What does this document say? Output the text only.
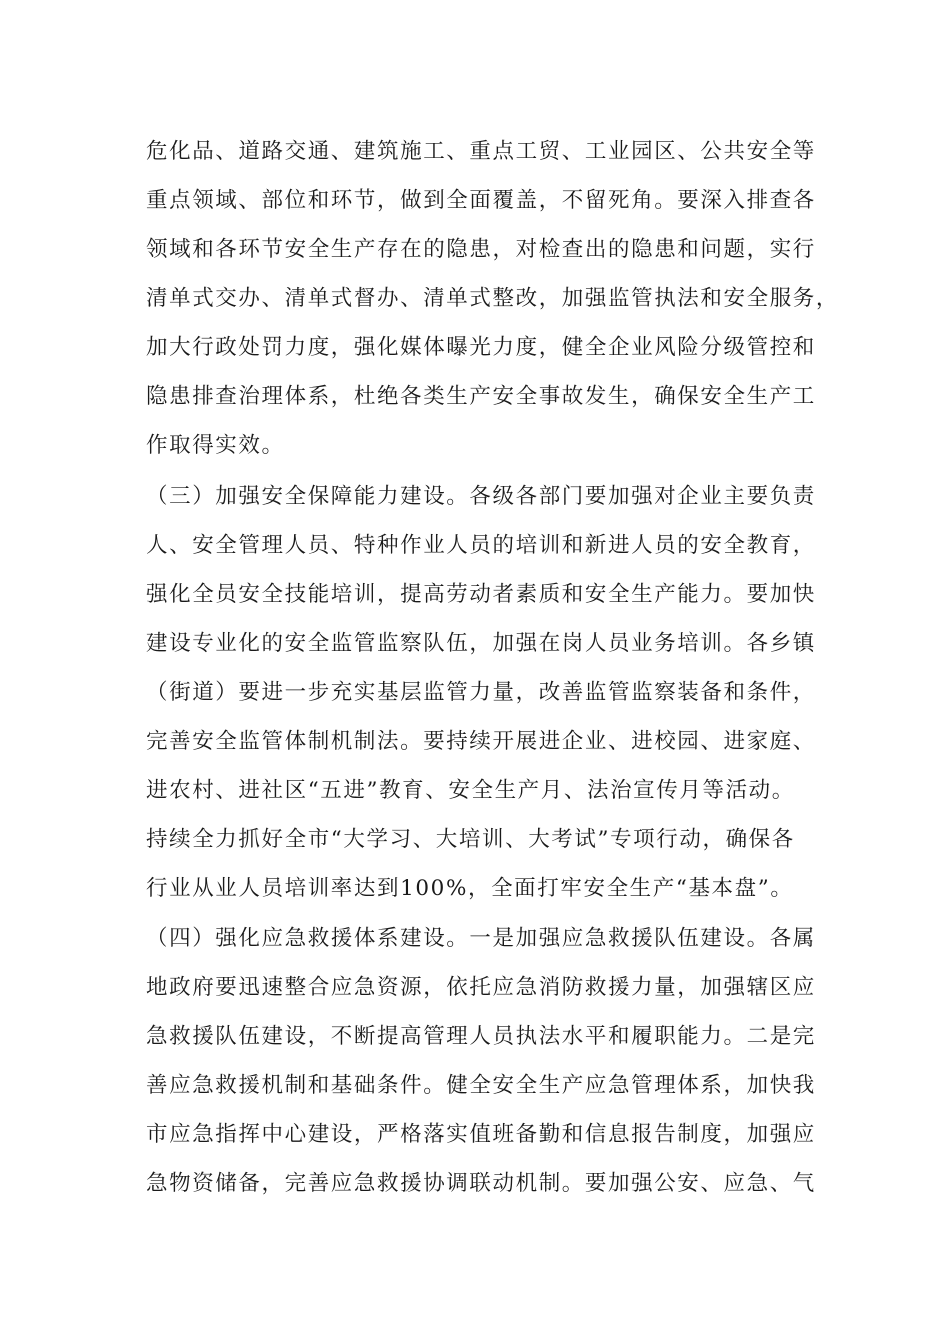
危化品、道路交通、建筑施工、重点工贸、工业园区、公共安全等
重点领域、部位和环节，做到全面覆盖，不留死角。要深入排查各
领域和各环节安全生产存在的隐患，对检查出的隐患和问题，实行
清单式交办、清单式督办、清单式整改，加强监管执法和安全服务，
加大行政处罚力度，强化媒体曝光力度，健全企业风险分级管控和
隐患排查治理体系，杜绝各类生产安全事故发生，确保安全生产工
作取得实效。
（三）加强安全保障能力建设。各级各部门要加强对企业主要负责
人、安全管理人员、特种作业人员的培训和新进人员的安全教育，
强化全员安全技能培训，提高劳动者素质和安全生产能力。要加快
建设专业化的安全监管监察队伍，加强在岗人员业务培训。各乡镇
（街道）要进一步充实基层监管力量，改善监管监察装备和条件，
完善安全监管体制机制法。要持续开展进企业、进校园、进家庭、
进农村、进社区“五进”教育、安全生产月、法治宣传月等活动。
持续全力抓好全市“大学习、大培训、大考试”专项行动，确保各
行业从业人员培训率达到100%，全面打牢安全生产“基本盘”。
（四）强化应急救援体系建设。一是加强应急救援队伍建设。各属
地政府要迅速整合应急资源，依托应急消防救援力量，加强辖区应
急救援队伍建设，不断提高管理人员执法水平和履职能力。二是完
善应急救援机制和基础条件。健全安全生产应急管理体系，加快我
市应急指挥中心建设，严格落实值班备勤和信息报告制度，加强应
急物资储备，完善应急救援协调联动机制。要加强公安、应急、气
